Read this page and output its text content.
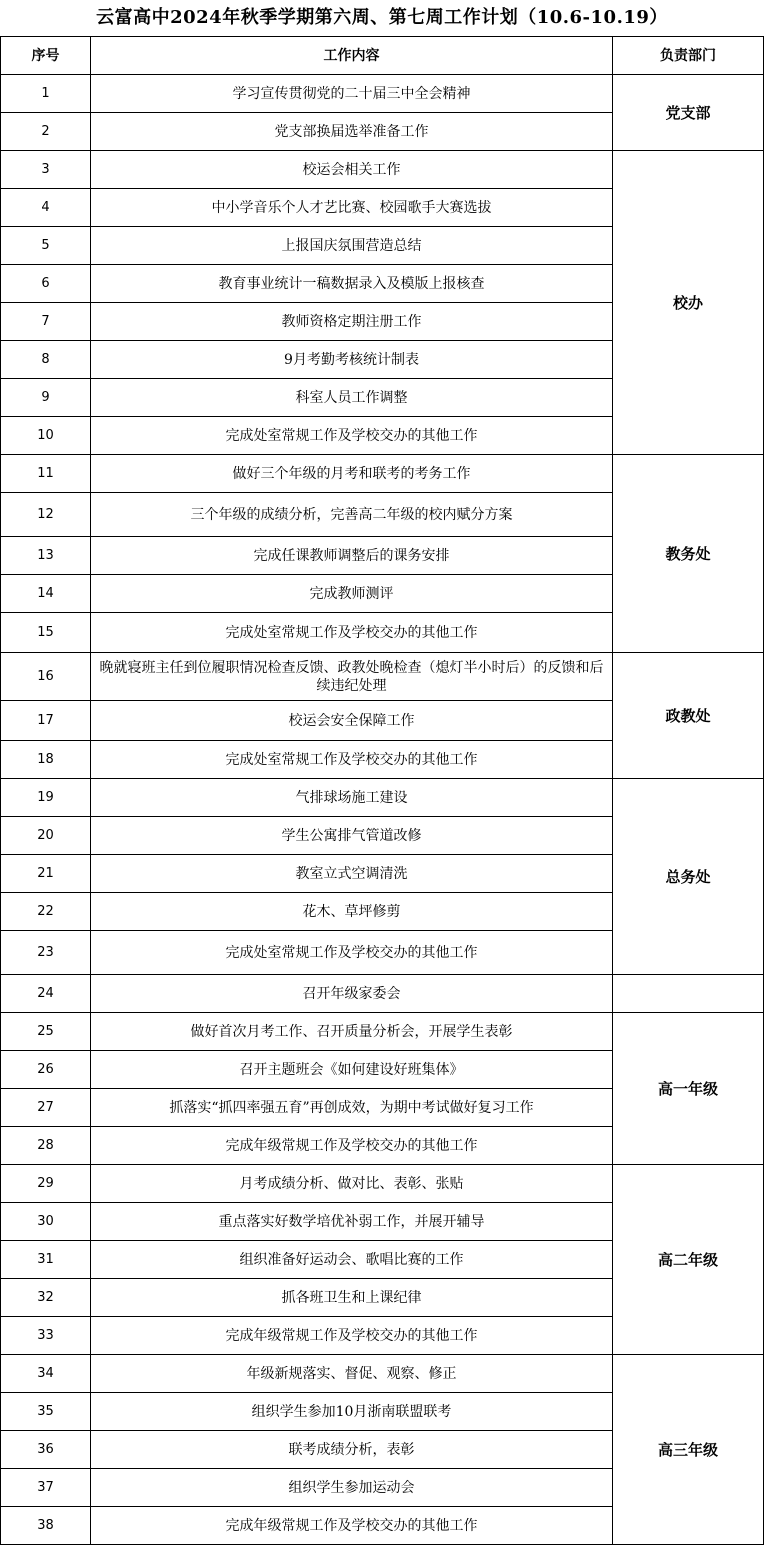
云富高中2024年秋季学期第六周、第七周工作计划（10.6-10.19）
序号	工作内容	负责部门
1	学习宣传贯彻党的二十届三中全会精神	党支部
2	党支部换届选举准备工作	
3	校运会相关工作	校办
4	中小学音乐个人才艺比赛、校园歌手大赛选拔	
5	上报国庆氛围营造总结	
6	教育事业统计一稿数据录入及模版上报核查	
7	教师资格定期注册工作	
8	9月考勤考核统计制表	
9	科室人员工作调整	
10	完成处室常规工作及学校交办的其他工作	
11	做好三个年级的月考和联考的考务工作	教务处
12	三个年级的成绩分析，完善高二年级的校内赋分方案	
13	完成任课教师调整后的课务安排	
14	完成教师测评	
15	完成处室常规工作及学校交办的其他工作	
16	晚就寝班主任到位履职情况检查反馈、政教处晚检查（熄灯半小时后）的反馈和后续违纪处理	政教处
17	校运会安全保障工作	
18	完成处室常规工作及学校交办的其他工作	
19	气排球场施工建设	总务处
20	学生公寓排气管道改修	
21	教室立式空调清洗	
22	花木、草坪修剪	
23	完成处室常规工作及学校交办的其他工作	
24	召开年级家委会	
25	做好首次月考工作、召开质量分析会，开展学生表彰	高一年级
26	召开主题班会《如何建设好班集体》	
27	抓落实“抓四率强五育”再创成效，为期中考试做好复习工作	
28	完成年级常规工作及学校交办的其他工作	
29	月考成绩分析、做对比、表彰、张贴	高二年级
30	重点落实好数学培优补弱工作，并展开辅导	
31	组织准备好运动会、歌唱比赛的工作	
32	抓各班卫生和上课纪律	
33	完成年级常规工作及学校交办的其他工作	
34	年级新规落实、督促、观察、修正	高三年级
35	组织学生参加10月浙南联盟联考	
36	联考成绩分析，表彰	
37	组织学生参加运动会	
38	完成年级常规工作及学校交办的其他工作	
